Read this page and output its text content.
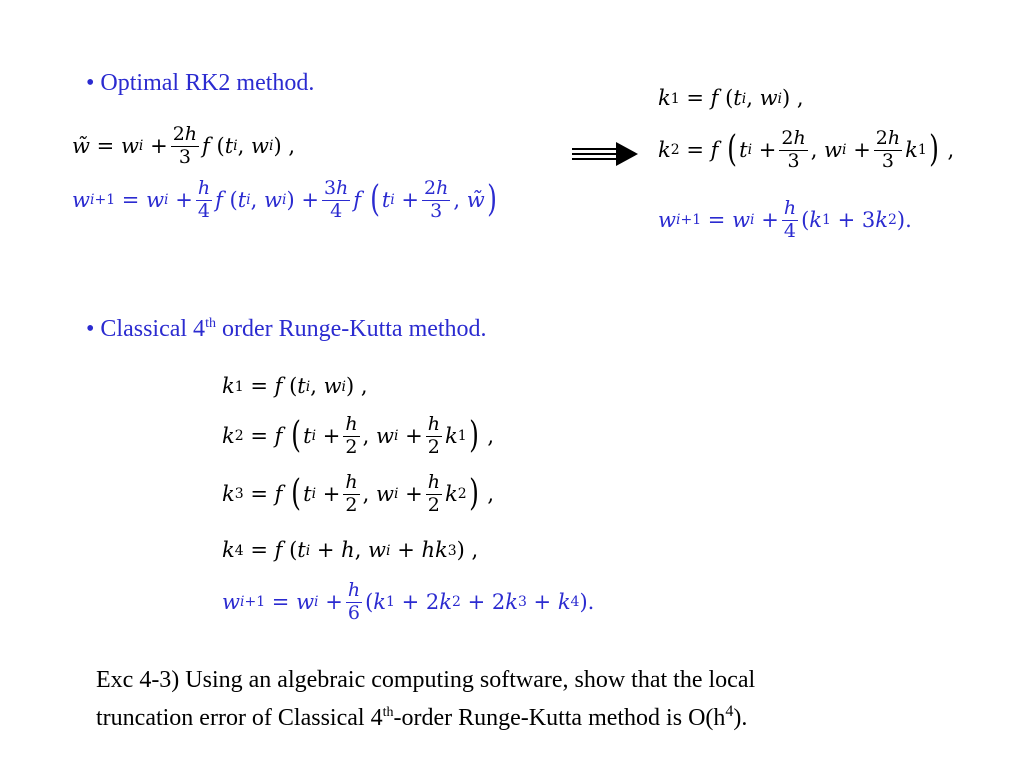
• Optimal RK2 method.
w̃ = w $i + \frac{2h}{3}$ f ( t i , w i ) ,
w i+1 = w $i + \frac{h}{4}$ f ( t i , w i ) + $\frac{3h}{4}$ f
( t $i + \frac{2h}{3}$ , w̃ )
k 1 = f ( t i , w i ) ,
k 2 = f
( t $i + \frac{2h}{3}$ , w $i + \frac{2h}{3}$ k 1 ) ,
w i+1 = w $i + \frac{h}{4}$ ( k 1 + 3 k 2 ).
• Classical 4th order Runge-Kutta method.
k 1 = f ( t i , w i ) ,
k 2 = f
( t $i + \frac{h}{2}$ , w $i + \frac{h}{2}$ k 1 ) ,
k 3 = f
( t $i + \frac{h}{2}$ , w $i + \frac{h}{2}$ k 2 ) ,
k 4 = f ( t i + h , w i + hk 3 ) ,
w i+1 = w $i + \frac{h}{6}$ ( k 1 + 2 k 2 + 2 k 3 + k 4 ).
Exc 4-3) Using an algebraic computing software, show that the local
truncation error of Classical 4th-order Runge-Kutta method is $O(h^4)$.
